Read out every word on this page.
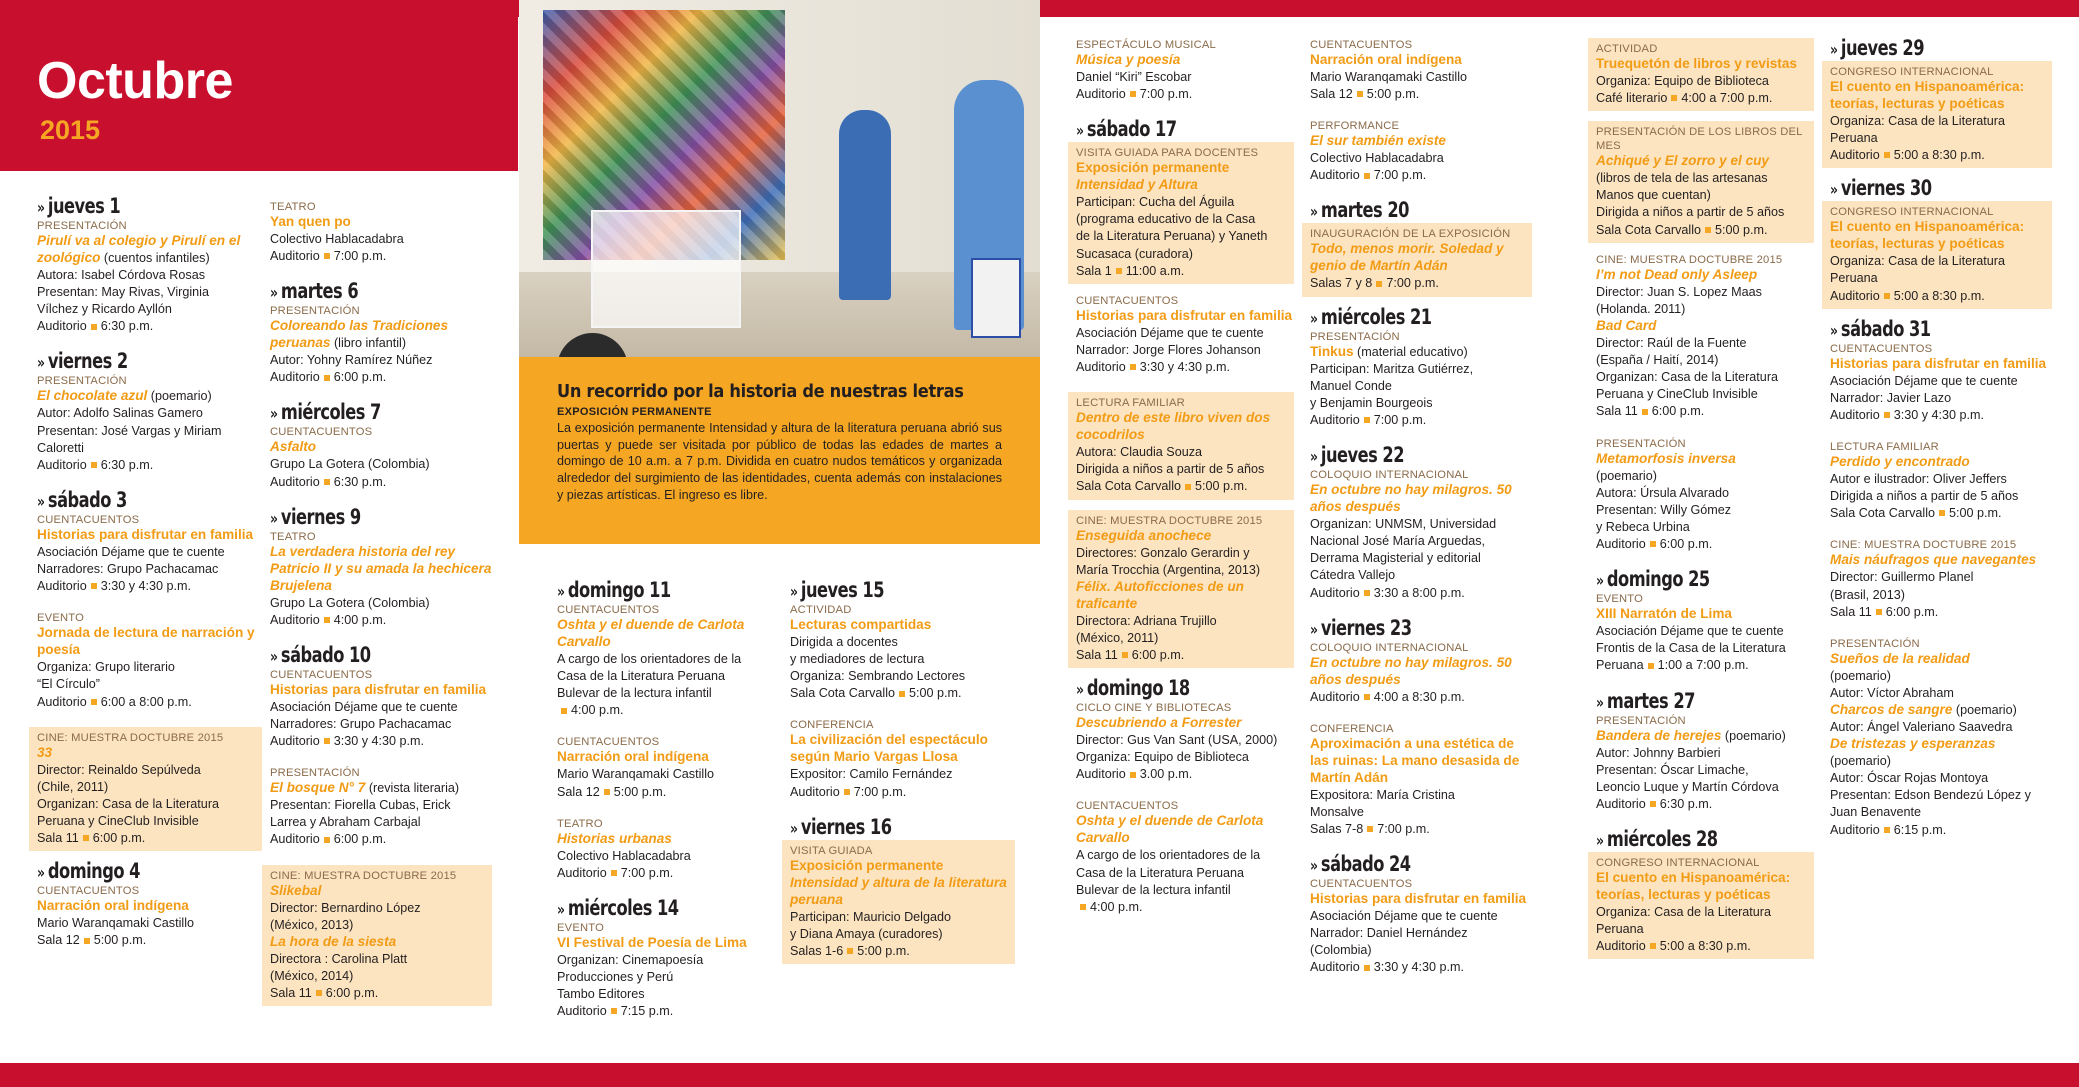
Octubre
2015
Un recorrido por la historia de nuestras letras
EXPOSICIÓN PERMANENTE
La exposición permanente Intensidad y altura de la literatura peruana abrió sus puertas y puede ser visitada por público de todas las edades de martes a domingo de 10 a.m. a 7 p.m. Dividida en cuatro nudos temáticos y organizada alrededor del surgimiento de las identidades, cuenta además con instalaciones y piezas artísticas. El ingreso es libre.
» jueves 1
PRESENTACIÓN
Pirulí va al colegio y Pirulí en el zoológico (cuentos infantiles)
Autora: Isabel Córdova Rosas
Presentan: May Rivas, Virginia
Vílchez y Ricardo Ayllón
Auditorio 6:30 p.m.
» viernes 2
PRESENTACIÓN
El chocolate azul (poemario)
Autor: Adolfo Salinas Gamero
Presentan: José Vargas y Miriam
Caloretti
Auditorio 6:30 p.m.
» sábado 3
CUENTACUENTOS
Historias para disfrutar en familia
Asociación Déjame que te cuente
Narradores: Grupo Pachacamac
Auditorio 3:30 y 4:30 p.m.
EVENTO
Jornada de lectura de narración y poesía
Organiza: Grupo literario
“El Círculo”
Auditorio 6:00 a 8:00 p.m.
CINE: MUESTRA DOCTUBRE 2015
33
Director: Reinaldo Sepúlveda
(Chile, 2011)
Organizan: Casa de la Literatura
Peruana y CineClub Invisible
Sala 11 6:00 p.m.
» domingo 4
CUENTACUENTOS
Narración oral indígena
Mario Waranqamaki Castillo
Sala 12 5:00 p.m.
TEATRO
Yan quen po
Colectivo Hablacadabra
Auditorio 7:00 p.m.
» martes 6
PRESENTACIÓN
Coloreando las Tradiciones peruanas (libro infantil)
Autor: Yohny Ramírez Núñez
Auditorio 6:00 p.m.
» miércoles 7
CUENTACUENTOS
Asfalto
Grupo La Gotera (Colombia)
Auditorio 6:30 p.m.
» viernes 9
TEATRO
La verdadera historia del rey Patricio II y su amada la hechicera Brujelena
Grupo La Gotera (Colombia)
Auditorio 4:00 p.m.
» sábado 10
CUENTACUENTOS
Historias para disfrutar en familia
Asociación Déjame que te cuente
Narradores: Grupo Pachacamac
Auditorio 3:30 y 4:30 p.m.
PRESENTACIÓN
El bosque N° 7 (revista literaria)
Presentan: Fiorella Cubas, Erick
Larrea y Abraham Carbajal
Auditorio 6:00 p.m.
CINE: MUESTRA DOCTUBRE 2015
Slikebal
Director: Bernardino López
(México, 2013)
La hora de la siesta
Directora : Carolina Platt
(México, 2014)
Sala 11 6:00 p.m.
» domingo 11
CUENTACUENTOS
Oshta y el duende de Carlota Carvallo
A cargo de los orientadores de la
Casa de la Literatura Peruana
Bulevar de la lectura infantil
4:00 p.m.
CUENTACUENTOS
Narración oral indígena
Mario Waranqamaki Castillo
Sala 12 5:00 p.m.
TEATRO
Historias urbanas
Colectivo Hablacadabra
Auditorio 7:00 p.m.
» miércoles 14
EVENTO
VI Festival de Poesía de Lima
Organizan: Cinemapoesía
Producciones y Perú
Tambo Editores
Auditorio 7:15 p.m.
» jueves 15
ACTIVIDAD
Lecturas compartidas
Dirigida a docentes
y mediadores de lectura
Organiza: Sembrando Lectores
Sala Cota Carvallo 5:00 p.m.
CONFERENCIA
La civilización del espectáculo según Mario Vargas Llosa
Expositor: Camilo Fernández
Auditorio 7:00 p.m.
» viernes 16
VISITA GUIADA
Exposición permanente
Intensidad y altura de la literatura peruana
Participan: Mauricio Delgado
y Diana Amaya (curadores)
Salas 1-6 5:00 p.m.
ESPECTÁCULO MUSICAL
Música y poesía
Daniel “Kiri” Escobar
Auditorio 7:00 p.m.
» sábado 17
VISITA GUIADA PARA DOCENTES
Exposición permanente
Intensidad y Altura
Participan: Cucha del Águila
(programa educativo de la Casa
de la Literatura Peruana) y Yaneth
Sucasaca (curadora)
Sala 1 11:00 a.m.
CUENTACUENTOS
Historias para disfrutar en familia
Asociación Déjame que te cuente
Narrador: Jorge Flores Johanson
Auditorio 3:30 y 4:30 p.m.
LECTURA FAMILIAR
Dentro de este libro viven dos cocodrilos
Autora: Claudia Souza
Dirigida a niños a partir de 5 años
Sala Cota Carvallo 5:00 p.m.
CINE: MUESTRA DOCTUBRE 2015
Enseguida anochece
Directores: Gonzalo Gerardin y
María Trocchia (Argentina, 2013)
Félix. Autoficciones de un traficante
Directora: Adriana Trujillo
(México, 2011)
Sala 11 6:00 p.m.
» domingo 18
CICLO CINE Y BIBLIOTECAS
Descubriendo a Forrester
Director: Gus Van Sant (USA, 2000)
Organiza: Equipo de Biblioteca
Auditorio 3.00 p.m.
CUENTACUENTOS
Oshta y el duende de Carlota Carvallo
A cargo de los orientadores de la
Casa de la Literatura Peruana
Bulevar de la lectura infantil
4:00 p.m.
CUENTACUENTOS
Narración oral indígena
Mario Waranqamaki Castillo
Sala 12 5:00 p.m.
PERFORMANCE
El sur también existe
Colectivo Hablacadabra
Auditorio 7:00 p.m.
» martes 20
INAUGURACIÓN DE LA EXPOSICIÓN
Todo, menos morir. Soledad y genio de Martín Adán
Salas 7 y 8 7:00 p.m.
» miércoles 21
PRESENTACIÓN
Tinkus (material educativo)
Participan: Maritza Gutiérrez,
Manuel Conde
y Benjamin Bourgeois
Auditorio 7:00 p.m.
» jueves 22
COLOQUIO INTERNACIONAL
En octubre no hay milagros. 50 años después
Organizan: UNMSM, Universidad
Nacional José María Arguedas,
Derrama Magisterial y editorial
Cátedra Vallejo
Auditorio 3:30 a 8:00 p.m.
» viernes 23
COLOQUIO INTERNACIONAL
En octubre no hay milagros. 50 años después
Auditorio 4:00 a 8:30 p.m.
CONFERENCIA
Aproximación a una estética de las ruinas: La mano desasida de Martín Adán
Expositora: María Cristina
Monsalve
Salas 7-8 7:00 p.m.
» sábado 24
CUENTACUENTOS
Historias para disfrutar en familia
Asociación Déjame que te cuente
Narrador: Daniel Hernández
(Colombia)
Auditorio 3:30 y 4:30 p.m.
ACTIVIDAD
Truequetón de libros y revistas
Organiza: Equipo de Biblioteca
Café literario 4:00 a 7:00 p.m.
PRESENTACIÓN DE LOS LIBROS DEL MES
Achiqué y El zorro y el cuy
(libros de tela de las artesanas
Manos que cuentan)
Dirigida a niños a partir de 5 años
Sala Cota Carvallo 5:00 p.m.
CINE: MUESTRA DOCTUBRE 2015
I’m not Dead only Asleep
Director: Juan S. Lopez Maas
(Holanda. 2011)
Bad Card
Director: Raúl de la Fuente
(España / Haití, 2014)
Organizan: Casa de la Literatura
Peruana y CineClub Invisible
Sala 11 6:00 p.m.
PRESENTACIÓN
Metamorfosis inversa
(poemario)
Autora: Úrsula Alvarado
Presentan: Willy Gómez
y Rebeca Urbina
Auditorio 6:00 p.m.
» domingo 25
EVENTO
XIII Narratón de Lima
Asociación Déjame que te cuente
Frontis de la Casa de la Literatura
Peruana 1:00 a 7:00 p.m.
» martes 27
PRESENTACIÓN
Bandera de herejes (poemario)
Autor: Johnny Barbieri
Presentan: Óscar Limache,
Leoncio Luque y Martín Córdova
Auditorio 6:30 p.m.
» miércoles 28
CONGRESO INTERNACIONAL
El cuento en Hispanoamérica: teorías, lecturas y poéticas
Organiza: Casa de la Literatura
Peruana
Auditorio 5:00 a 8:30 p.m.
» jueves 29
CONGRESO INTERNACIONAL
El cuento en Hispanoamérica: teorías, lecturas y poéticas
Organiza: Casa de la Literatura
Peruana
Auditorio 5:00 a 8:30 p.m.
» viernes 30
CONGRESO INTERNACIONAL
El cuento en Hispanoamérica: teorías, lecturas y poéticas
Organiza: Casa de la Literatura
Peruana
Auditorio 5:00 a 8:30 p.m.
» sábado 31
CUENTACUENTOS
Historias para disfrutar en familia
Asociación Déjame que te cuente
Narrador: Javier Lazo
Auditorio 3:30 y 4:30 p.m.
LECTURA FAMILIAR
Perdido y encontrado
Autor e ilustrador: Oliver Jeffers
Dirigida a niños a partir de 5 años
Sala Cota Carvallo 5:00 p.m.
CINE: MUESTRA DOCTUBRE 2015
Mais náufragos que navegantes
Director: Guillermo Planel
(Brasil, 2013)
Sala 11 6:00 p.m.
PRESENTACIÓN
Sueños de la realidad
(poemario)
Autor: Víctor Abraham
Charcos de sangre (poemario)
Autor: Ángel Valeriano Saavedra
De tristezas y esperanzas
(poemario)
Autor: Óscar Rojas Montoya
Presentan: Edson Bendezú López y
Juan Benavente
Auditorio 6:15 p.m.
